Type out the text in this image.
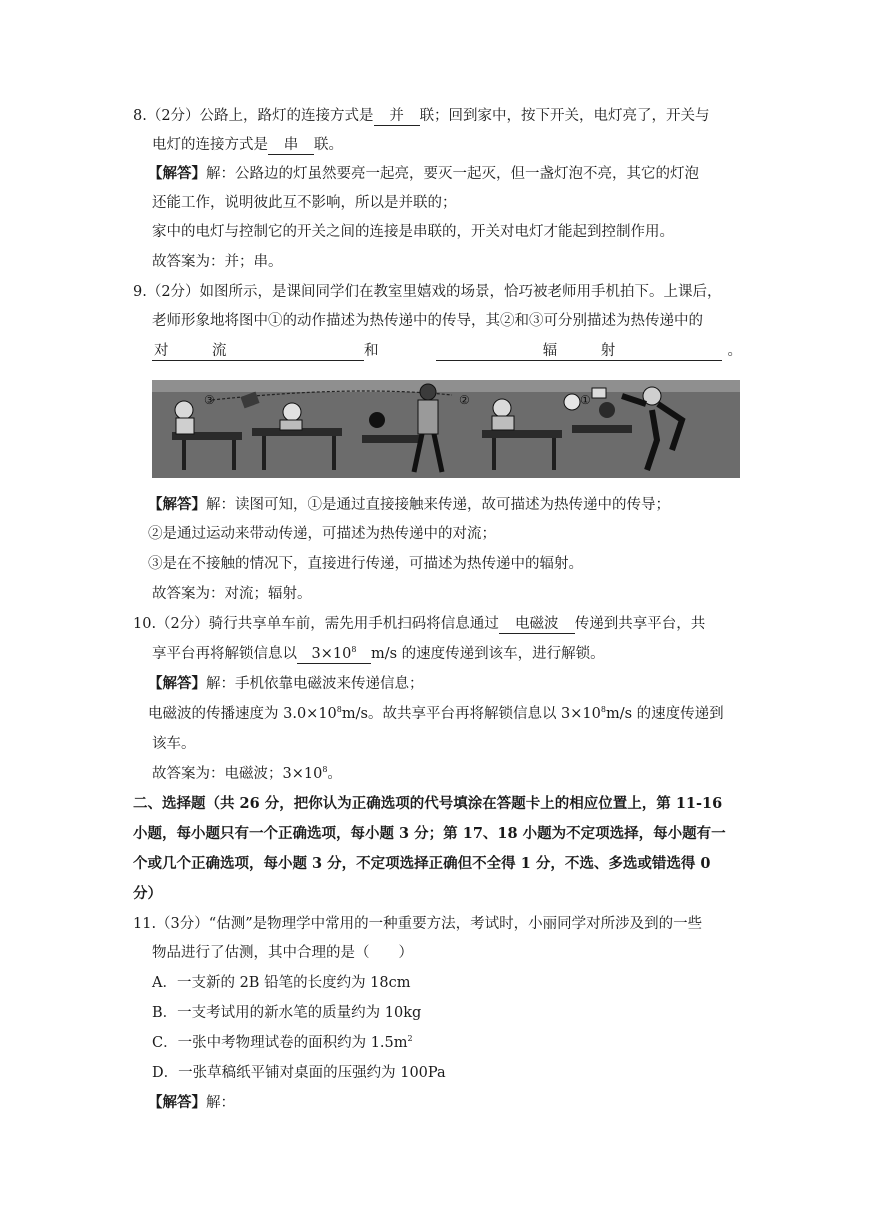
8.（2分）公路上，路灯的连接方式是 并 联；回到家中，按下开关，电灯亮了，开关与
电灯的连接方式是 串 联。
【解答】解：公路边的灯虽然要亮一起亮，要灭一起灭，但一盏灯泡不亮，其它的灯泡
还能工作，说明彼此互不影响，所以是并联的；
家中的电灯与控制它的开关之间的连接是串联的，开关对电灯才能起到控制作用。
故答案为：并；串。
9.（2分）如图所示，是课间同学们在教室里嬉戏的场景，恰巧被老师用手机拍下。上课后，
老师形象地将图中①的动作描述为热传递中的传导，其②和③可分别描述为热传递中的
对　　　流	和	辐　　　射	。
③	②	①
【解答】解：读图可知，①是通过直接接触来传递，故可描述为热传递中的传导；
②是通过运动来带动传递，可描述为热传递中的对流；
③是在不接触的情况下，直接进行传递，可描述为热传递中的辐射。
故答案为：对流；辐射。
10.（2分）骑行共享单车前，需先用手机扫码将信息通过 电磁波 传递到共享平台，共
享平台再将解锁信息以 $3\times 10^8$ m/s 的速度传递到该车，进行解锁。
【解答】解：手机依靠电磁波来传递信息；
电磁波的传播速度为 $3.0\times 10^8m/s$。故共享平台再将解锁信息以 $3\times 10^8m/s$ 的速度传递到
该车。
故答案为：电磁波；$3\times 10^8$。
二、选择题（共 26 分，把你认为正确选项的代号填涂在答题卡上的相应位置上，第 11-16
小题，每小题只有一个正确选项，每小题 3 分；第 17、18 小题为不定项选择，每小题有一
个或几个正确选项，每小题 3 分，不定项选择正确但不全得 1 分，不选、多选或错选得 0
分）
11.（3分）“估测”是物理学中常用的一种重要方法，考试时，小丽同学对所涉及到的一些
物品进行了估测，其中合理的是（　　）
A．一支新的 2B 铅笔的长度约为 18cm
B．一支考试用的新水笔的质量约为 10kg
C．一张中考物理试卷的面积约为 $1.5m^2$
D．一张草稿纸平铺对桌面的压强约为 100Pa
【解答】解：
